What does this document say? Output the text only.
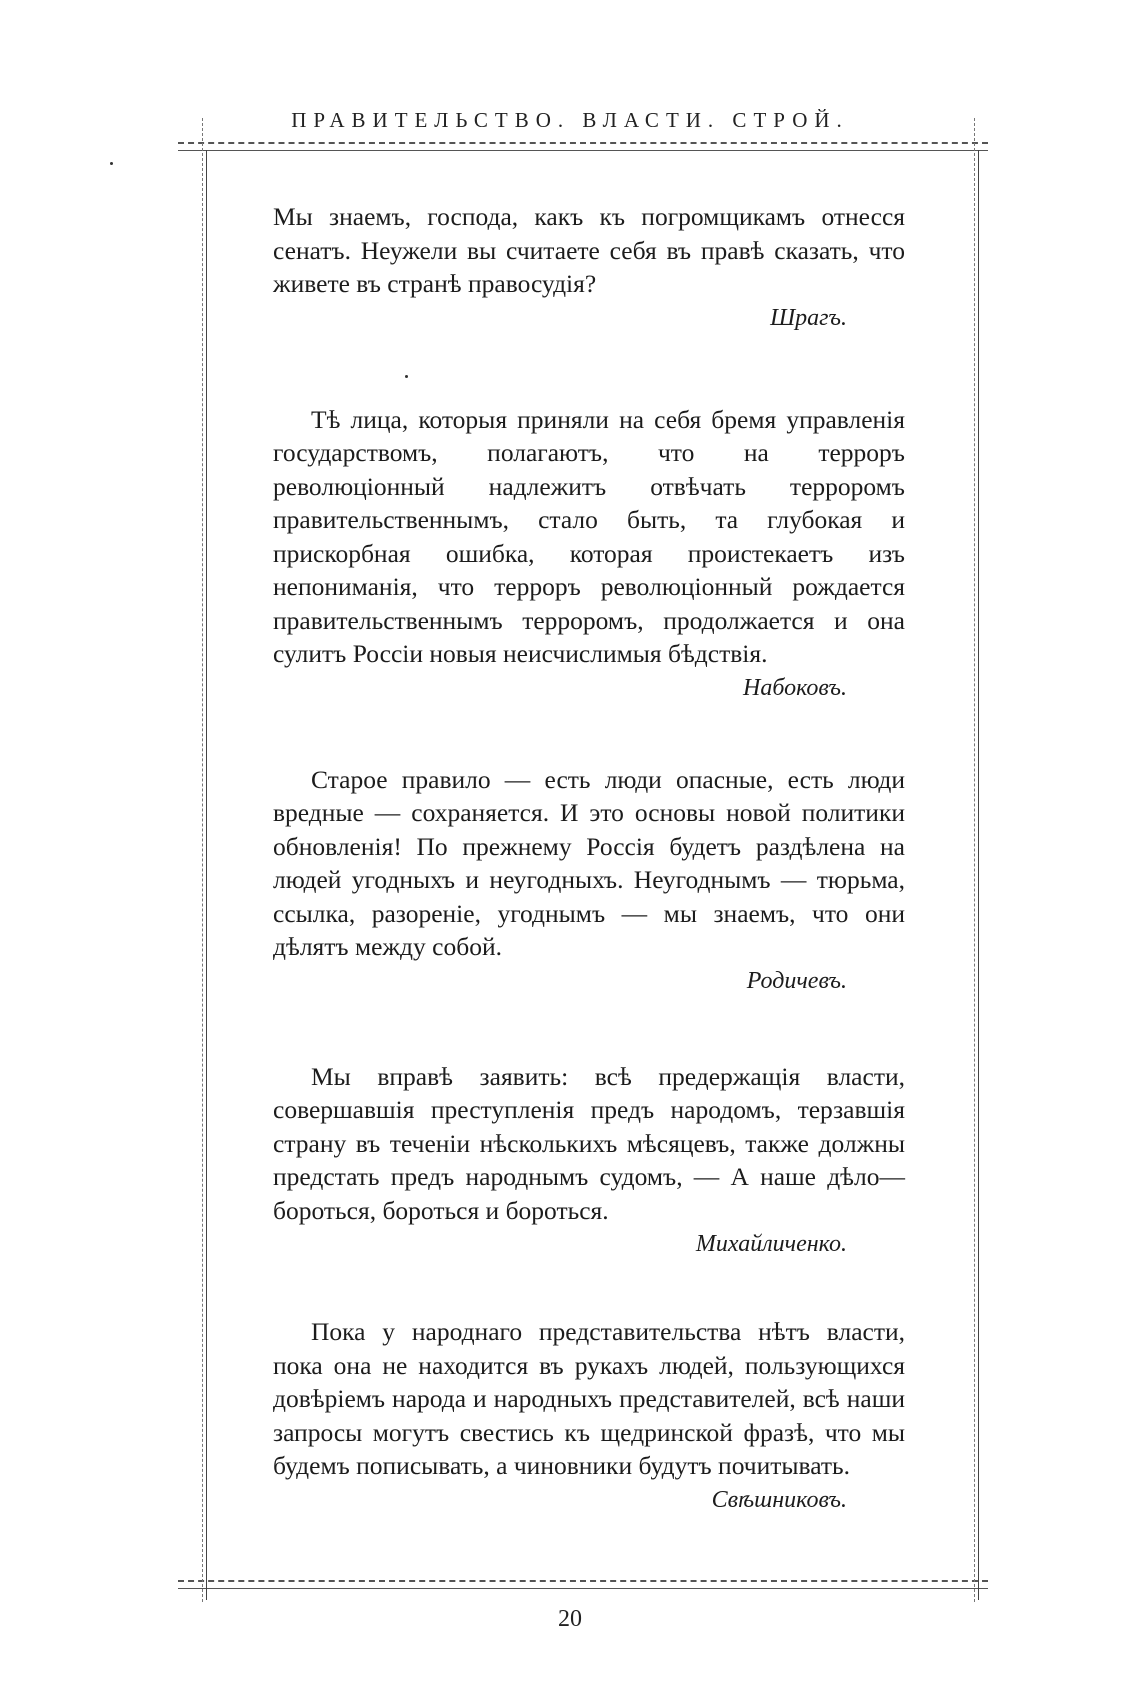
ПРАВИТЕЛЬСТВО. ВЛАСТИ. СТРОЙ.

Мы знаемъ, господа, какъ къ погромщикамъ отнесся сенатъ. Неужели вы считаете себя въ правѣ сказать, что живете въ странѣ правосудія?

Шрагъ.

Тѣ лица, которыя приняли на себя бремя управленія государствомъ, полагаютъ, что на терроръ революціонный надлежитъ отвѣчать терроромъ правительственнымъ, стало быть, та глубокая и прискорбная ошибка, которая проистекаетъ изъ непониманія, что терроръ революціонный рождается правительственнымъ терроромъ, продолжается и она сулитъ Россіи новыя неисчислимыя бѣдствія.

Набоковъ.

Старое правило — есть люди опасные, есть люди вредные — сохраняется. И это основы новой политики обновленія! По прежнему Россія будетъ раздѣлена на людей угодныхъ и неугодныхъ. Неугоднымъ — тюрьма, ссылка, разореніе, угоднымъ — мы знаемъ, что они дѣлятъ между собой.

Родичевъ.

Мы вправѣ заявить: всѣ предержащія власти, совершавшія преступленія предъ народомъ, терзавшія страну въ теченіи нѣсколькихъ мѣсяцевъ, также должны предстать предъ народнымъ судомъ, — А наше дѣло—бороться, бороться и бороться.

Михайличенко.

Пока у народнаго представительства нѣтъ власти, пока она не находится въ рукахъ людей, пользующихся довѣріемъ народа и народныхъ представителей, всѣ наши запросы могутъ свестись къ щедринской фразѣ, что мы будемъ пописывать, а чиновники будутъ почитывать.

Свѣшниковъ.

20
